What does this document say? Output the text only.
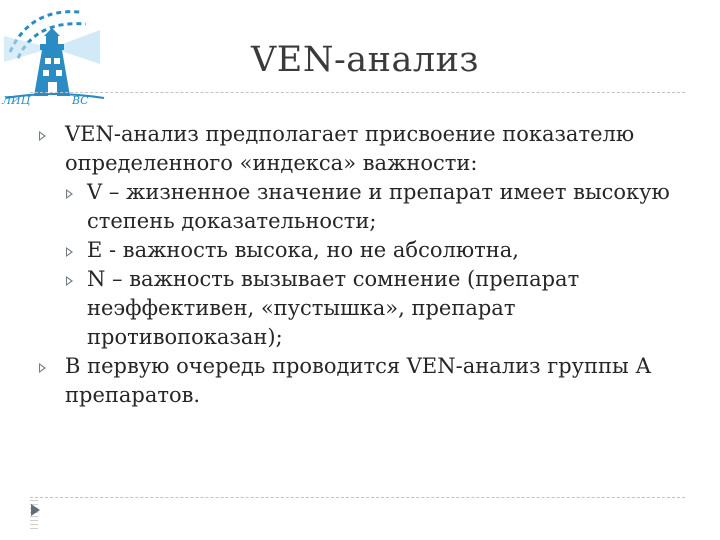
ЛИЦ	ВС
VEN-анализ
VEN-анализ предполагает присвоение показателю определенного «индекса» важности:
V – жизненное значение и препарат имеет высокую степень доказательности;
E - важность высока, но не абсолютна,
N – важность вызывает сомнение (препарат неэффективен, «пустышка», препарат противопоказан);
В первую очередь проводится VEN-анализ группы А препаратов.
